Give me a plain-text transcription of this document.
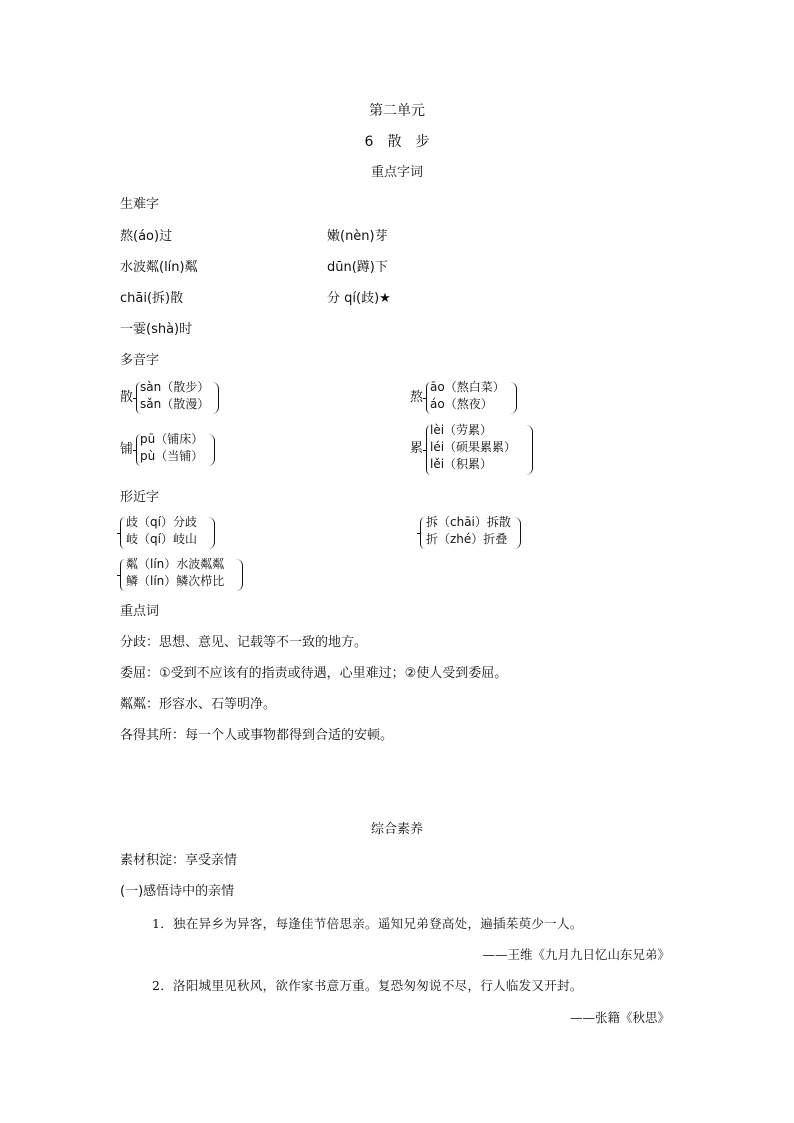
第二单元
6　散　步
重点字词
生难字
熬(áo)过
水波粼(lín)粼
chāi(拆)散
一霎(shà)时
嫩(nèn)芽
dūn(蹲)下
分 qí(歧)★
多音字
散
sàn（散步）
sǎn（散漫）	熬
āo（熬白菜）
áo（熬夜）
铺
pū（铺床）
pù（当铺）	累
lèi（劳累）
léi（硕果累累）
lěi（积累）
形近字
歧（qí）分歧
岐（qí）岐山
拆（chāi）拆散
折（zhé）折叠
粼（lín）水波粼粼
鳞（lín）鳞次栉比
重点词
分歧：思想、意见、记载等不一致的地方。
委屈：①受到不应该有的指责或待遇，心里难过；②使人受到委屈。
粼粼：形容水、石等明净。
各得其所：每一个人或事物都得到合适的安顿。
综合素养
素材积淀：享受亲情
(一)感悟诗中的亲情
1．独在异乡为异客，每逢佳节倍思亲。遥知兄弟登高处，遍插茱萸少一人。
——王维《九月九日忆山东兄弟》
2．洛阳城里见秋风，欲作家书意万重。复恐匆匆说不尽，行人临发又开封。
——张籍《秋思》
